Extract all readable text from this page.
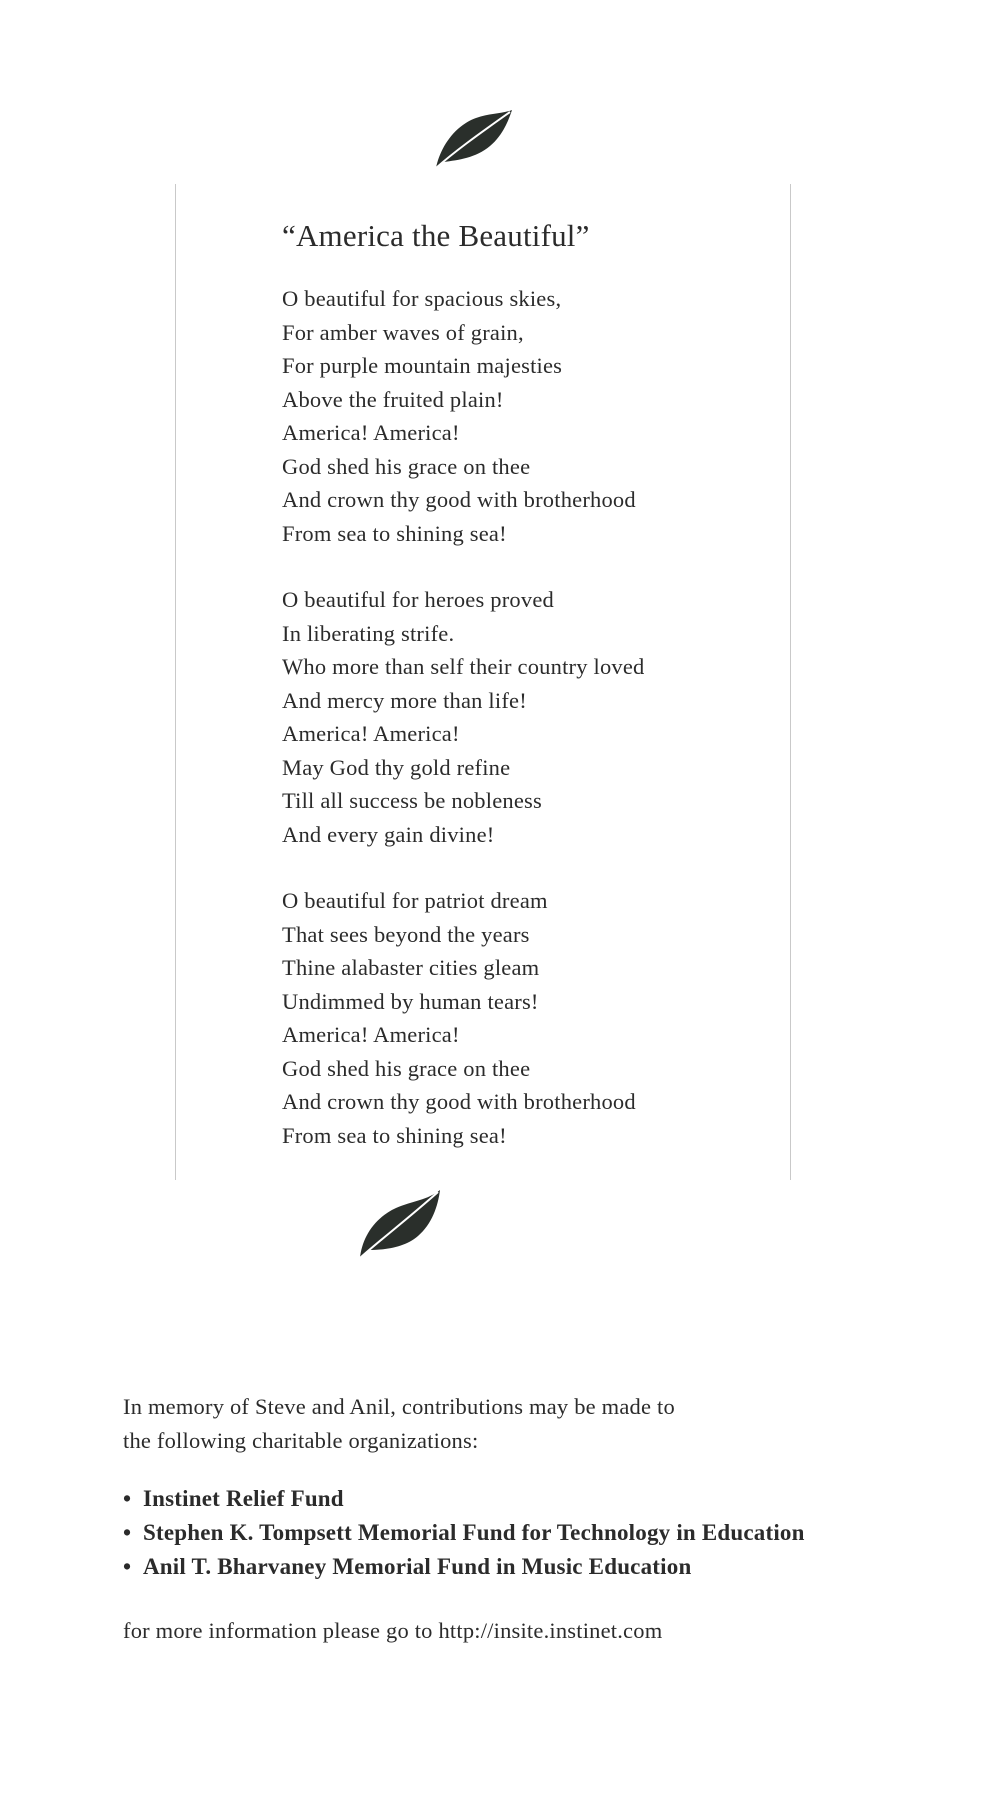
“America the Beautiful”
O beautiful for spacious skies,
For amber waves of grain,
For purple mountain majesties
Above the fruited plain!
America! America!
God shed his grace on thee
And crown thy good with brotherhood
From sea to shining sea!
O beautiful for heroes proved
In liberating strife.
Who more than self their country loved
And mercy more than life!
America! America!
May God thy gold refine
Till all success be nobleness
And every gain divine!
O beautiful for patriot dream
That sees beyond the years
Thine alabaster cities gleam
Undimmed by human tears!
America! America!
God shed his grace on thee
And crown thy good with brotherhood
From sea to shining sea!
In memory of Steve and Anil, contributions may be made to
the following charitable organizations:
• Instinet Relief Fund
• Stephen K. Tompsett Memorial Fund for Technology in Education
• Anil T. Bharvaney Memorial Fund in Music Education
for more information please go to http://insite.instinet.com
